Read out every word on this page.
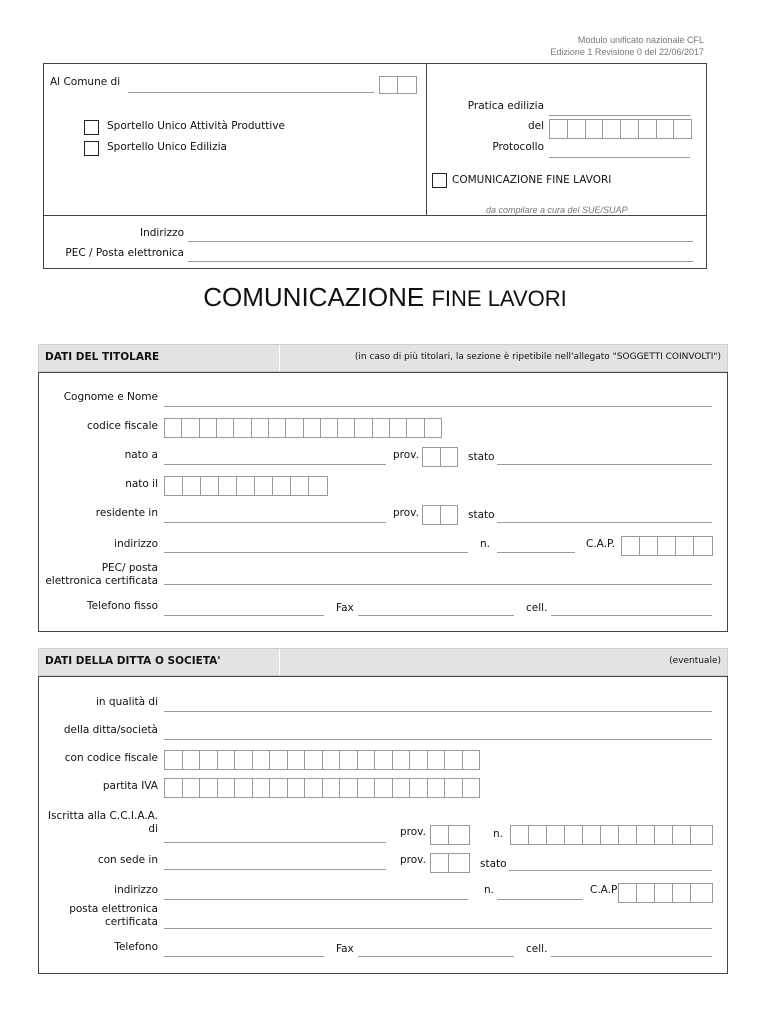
Modulo unificato nazionale CFL
Edizione 1 Revisione 0 del 22/06/2017
Al Comune di
Sportello Unico Attività Produttive
Sportello Unico Edilizia
Pratica edilizia
del
Protocollo
COMUNICAZIONE FINE LAVORI
da compilare a cura del SUE/SUAP
Indirizzo
PEC / Posta elettronica
COMUNICAZIONE FINE LAVORI
DATI DEL TITOLARE	(in caso di più titolari, la sezione è ripetibile nell'allegato "SOGGETTI COINVOLTI")
Cognome e Nome
codice fiscale
nato a	prov.	stato
nato il
residente in	prov.	stato
indirizzo	n.	C.A.P.
PEC/ posta
elettronica certificata
Telefono fisso	Fax	cell.
DATI DELLA DITTA O SOCIETA'	(eventuale)
in qualità di
della ditta/società
con codice fiscale
partita IVA
Iscritta alla C.C.I.A.A.
di	prov.	n.
con sede in	prov.	stato
indirizzo	n.	C.A.P
posta elettronica
certificata
Telefono	Fax	cell.
